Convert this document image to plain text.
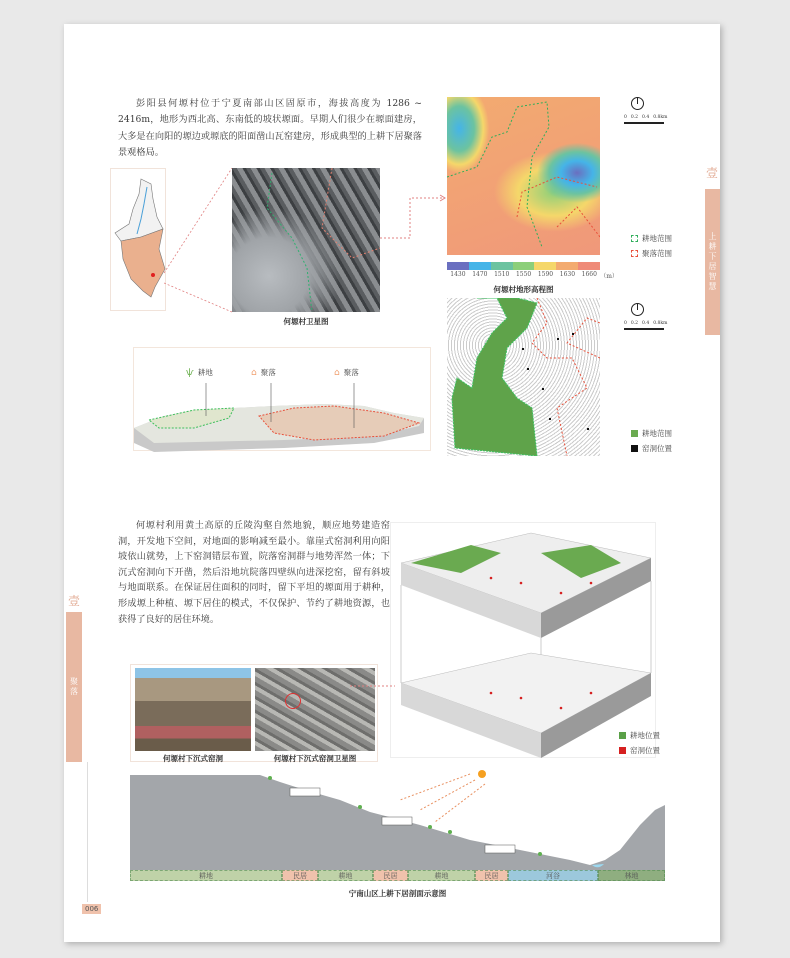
壹
上耕下居智慧
壹
聚落

彭阳县何塬村位于宁夏南部山区固原市，海拔高度为 1286 ~ 2416m，地形为西北高、东南低的坡状塬面。早期人们很少在塬面建房，大多是在向阳的塬边或塬底的阳面凿山瓦窑建房，形成典型的上耕下居聚落景观格局。

何塬村卫星图
1430	1470	1510	1550	1590	1630	1660 （m）
何塬村地形高程图
0 0.2 0.4 0.8km
耕地范围
聚落范围
0 0.2 0.4 0.8km
耕地范围
窑洞位置
ѱ 耕地	⌂ 聚落	⌂ 聚落

何塬村利用黄土高原的丘陵沟壑自然地貌，顺应地势建造窑洞，开发地下空间，对地面的影响减至最小。靠崖式窑洞利用向阳坡依山就势，上下窑洞错层布置，院落窑洞群与地势浑然一体；下沉式窑洞向下开凿，然后沿地坑院落四壁纵向进深挖窑，留有斜坡与地面联系。在保证居住面积的同时，留下平坦的塬面用于耕种，形成塬上种植、塬下居住的模式，不仅保护、节约了耕地资源，也获得了良好的居住环境。

耕地位置
窑洞位置
何塬村下沉式窑洞	何塬村下沉式窑洞卫星图
耕地	民居	耕地	民居	耕地	民居	河谷	林地
宁南山区上耕下居剖面示意图
006
